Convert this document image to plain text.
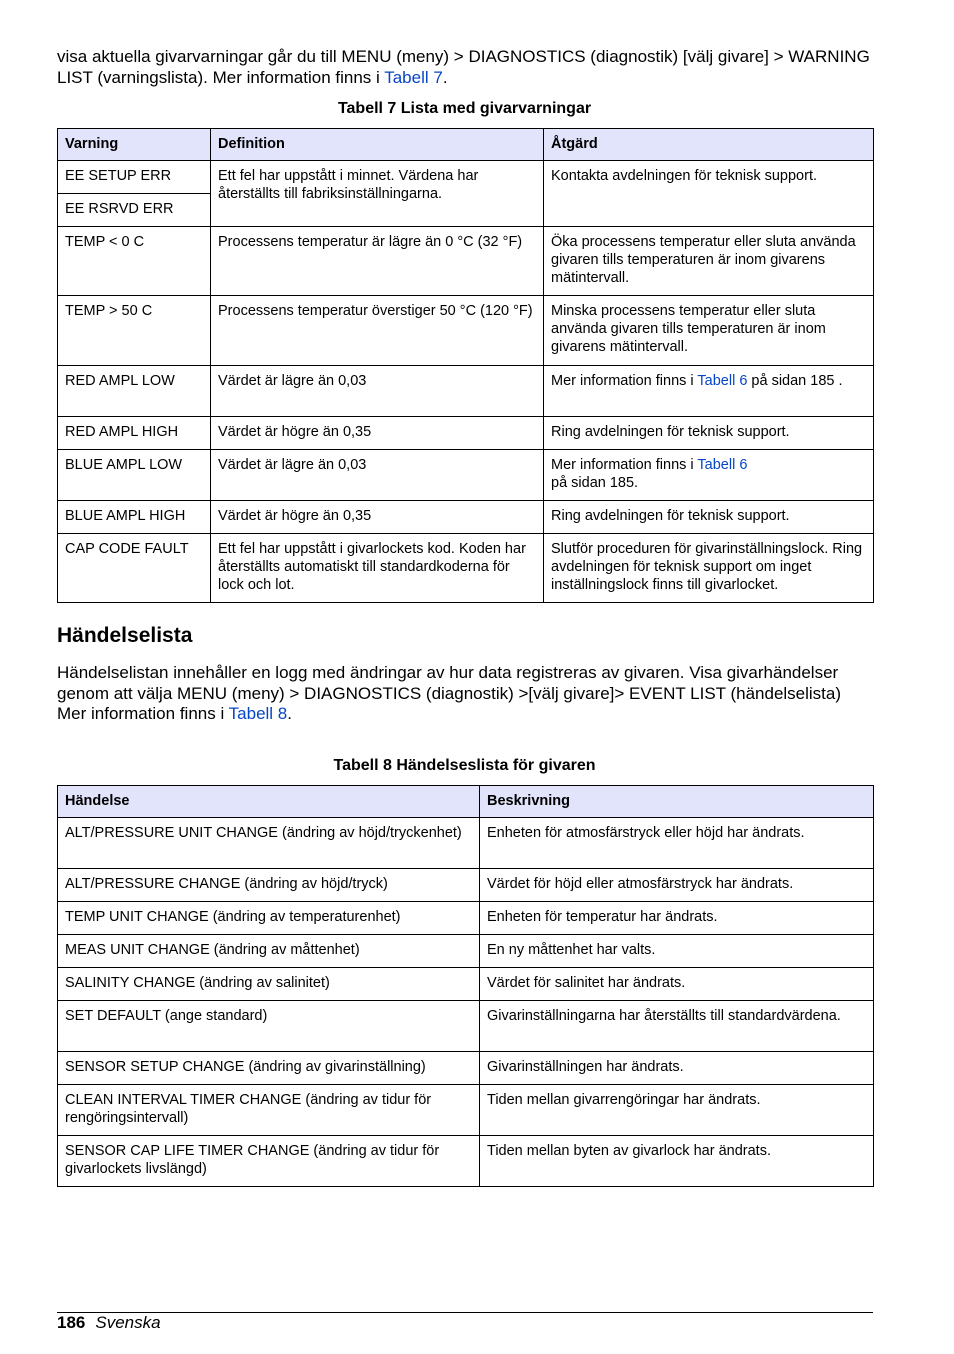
visa aktuella givarvarningar går du till MENU (meny) > DIAGNOSTICS (diagnostik) [välj givare] > WARNING LIST (varningslista). Mer information finns i Tabell 7.
Tabell 7 Lista med givarvarningar
Varning	Definition	Åtgärd
EE SETUP ERR	Ett fel har uppstått i minnet. Värdena har återställts till fabriksinställningarna.	Kontakta avdelningen för teknisk support.
EE RSRVD ERR		
TEMP < 0 C	Processens temperatur är lägre än 0 °C (32 °F)	Öka processens temperatur eller sluta använda givaren tills temperaturen är inom givarens mätintervall.
TEMP > 50 C	Processens temperatur överstiger 50 °C (120 °F)	Minska processens temperatur eller sluta använda givaren tills temperaturen är inom givarens mätintervall.
RED AMPL LOW	Värdet är lägre än 0,03	Mer information finns i Tabell 6 på sidan 185 .
RED AMPL HIGH	Värdet är högre än 0,35	Ring avdelningen för teknisk support.
BLUE AMPL LOW	Värdet är lägre än 0,03	Mer information finns i Tabell 6
på sidan 185.
BLUE AMPL HIGH	Värdet är högre än 0,35	Ring avdelningen för teknisk support.
CAP CODE FAULT	Ett fel har uppstått i givarlockets kod. Koden har återställts automatiskt till standardkoderna för lock och lot.	Slutför proceduren för givarinställningslock. Ring avdelningen för teknisk support om inget inställningslock finns till givarlocket.
Händelselista
Händelselistan innehåller en logg med ändringar av hur data registreras av givaren. Visa givarhändelser genom att välja MENU (meny) > DIAGNOSTICS (diagnostik) >[välj givare]> EVENT LIST (händelselista)
Mer information finns i Tabell 8.
Tabell 8 Händelseslista för givaren
Händelse	Beskrivning
ALT/PRESSURE UNIT CHANGE (ändring av höjd/tryckenhet)	Enheten för atmosfärstryck eller höjd har ändrats.
ALT/PRESSURE CHANGE (ändring av höjd/tryck)	Värdet för höjd eller atmosfärstryck har ändrats.
TEMP UNIT CHANGE (ändring av temperaturenhet)	Enheten för temperatur har ändrats.
MEAS UNIT CHANGE (ändring av måttenhet)	En ny måttenhet har valts.
SALINITY CHANGE (ändring av salinitet)	Värdet för salinitet har ändrats.
SET DEFAULT (ange standard)	Givarinställningarna har återställts till standardvärdena.
SENSOR SETUP CHANGE (ändring av givarinställning)	Givarinställningen har ändrats.
CLEAN INTERVAL TIMER CHANGE (ändring av tidur för rengöringsintervall)	Tiden mellan givarrengöringar har ändrats.
SENSOR CAP LIFE TIMER CHANGE (ändring av tidur för givarlockets livslängd)	Tiden mellan byten av givarlock har ändrats.
186 Svenska
